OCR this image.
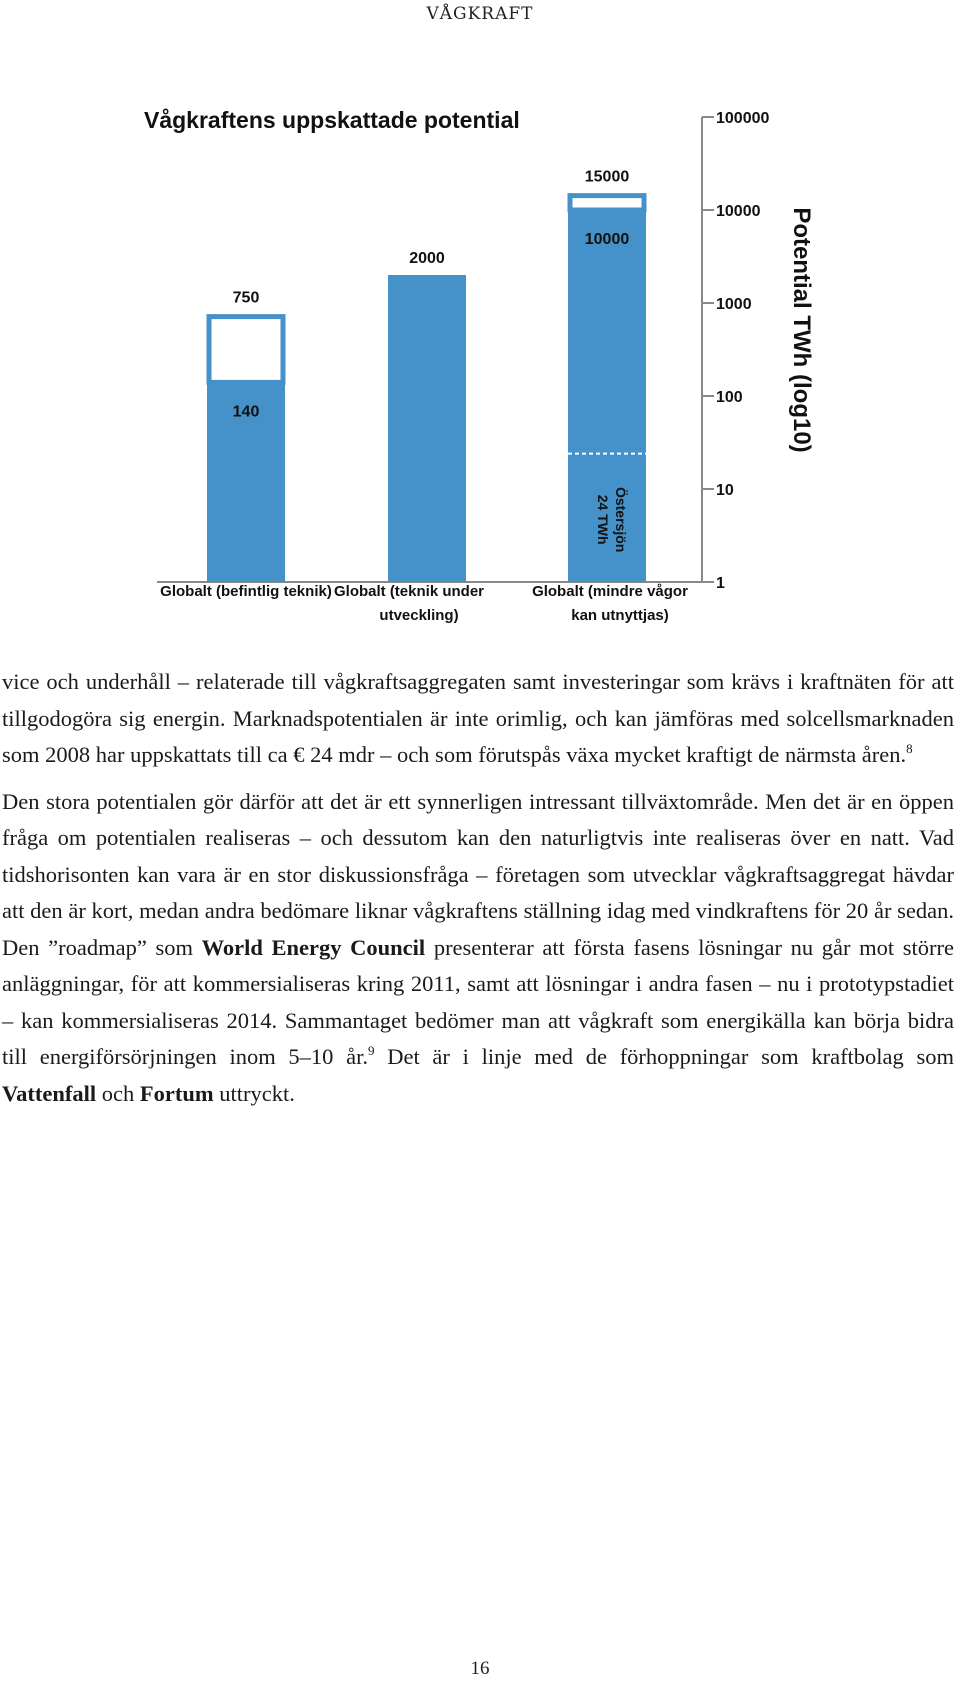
VÅGKRAFT
Vågkraftens uppskattade potential
1
10
100
1000
10000
100000
750
140
2000
15000
10000
Östersjön
24 TWh
Globalt (befintlig teknik) Globalt (teknik under
utveckling)
Globalt (mindre vågor
kan utnyttjas)
Potential TWh (log10)

vice och underhåll – relaterade till vågkraftsaggregaten samt investeringar som krävs i kraftnäten för att tillgodogöra sig energin. Marknadspotentialen är inte orimlig, och kan jämföras med solcellsmarknaden som 2008 har uppskattats till ca € 24 mdr – och som förutspås växa mycket kraftigt de närmsta åren.$^8$

Den stora potentialen gör därför att det är ett synnerligen intressant tillväxtområde. Men det är en öppen fråga om potentialen realiseras – och dessutom kan den naturligtvis inte realiseras över en natt. Vad tidshorisonten kan vara är en stor diskussionsfråga – företagen som utvecklar vågkraftsaggregat hävdar att den är kort, medan andra bedömare liknar vågkraftens ställning idag med vindkraftens för 20 år sedan. Den ”roadmap” som World Energy Council presenterar att första fasens lösningar nu går mot större anläggningar, för att kommersialiseras kring 2011, samt att lösningar i andra fasen – nu i prototypstadiet – kan kommersialiseras 2014. Sammantaget bedömer man att vågkraft som energikälla kan börja bidra till energiförsörjningen inom 5–10 år.$^9$ Det är i linje med de förhoppningar som kraftbolag som Vattenfall och Fortum uttryckt.

16
